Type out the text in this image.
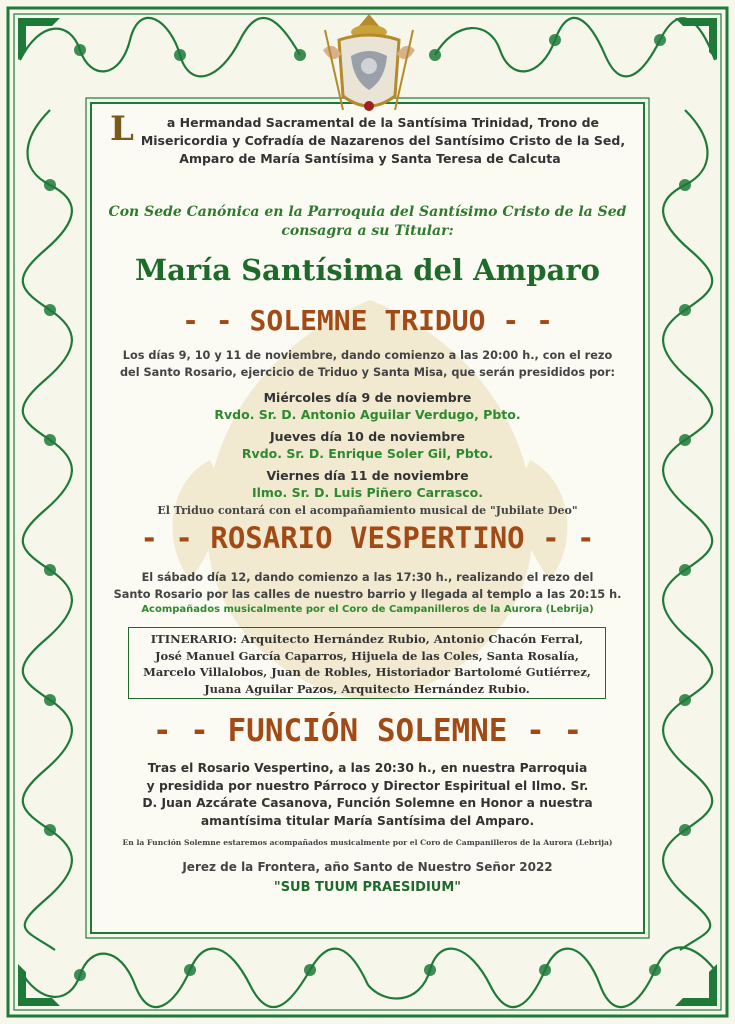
L	a Hermandad Sacramental de la Santísima Trinidad, Trono de Misericordia y Cofradía de Nazarenos del Santísimo Cristo de la Sed, Amparo de María Santísima y Santa Teresa de Calcuta
Con Sede Canónica en la Parroquia del Santísimo Cristo de la Sed
consagra a su Titular:
María Santísima del Amparo
- - SOLEMNE TRIDUO - -
Los días 9, 10 y 11 de noviembre, dando comienzo a las 20:00 h., con el rezo
del Santo Rosario, ejercicio de Triduo y Santa Misa, que serán presididos por:
Miércoles día 9 de noviembre
Rvdo. Sr. D. Antonio Aguilar Verdugo, Pbto.
Jueves día 10 de noviembre
Rvdo. Sr. D. Enrique Soler Gil, Pbto.
Viernes día 11 de noviembre
Ilmo. Sr. D. Luis Piñero Carrasco.
El Triduo contará con el acompañamiento musical de "Jubilate Deo"
- - ROSARIO VESPERTINO - -
El sábado día 12, dando comienzo a las 17:30 h., realizando el rezo del
Santo Rosario por las calles de nuestro barrio y llegada al templo a las 20:15 h.
Acompañados musicalmente por el Coro de Campanilleros de la Aurora (Lebrija)
ITINERARIO: Arquitecto Hernández Rubio, Antonio Chacón Ferral,
José Manuel García Caparros, Hijuela de las Coles, Santa Rosalía,
Marcelo Villalobos, Juan de Robles, Historiador Bartolomé Gutiérrez,
Juana Aguilar Pazos, Arquitecto Hernández Rubio.
- - FUNCIÓN SOLEMNE - -
Tras el Rosario Vespertino, a las 20:30 h., en nuestra Parroquia
y presidida por nuestro Párroco y Director Espiritual el Ilmo. Sr.
D. Juan Azcárate Casanova, Función Solemne en Honor a nuestra
amantísima titular María Santísima del Amparo.
En la Función Solemne estaremos acompañados musicalmente por el Coro de Campanilleros de la Aurora (Lebrija)
Jerez de la Frontera, año Santo de Nuestro Señor 2022
"SUB TUUM PRAESIDIUM"
